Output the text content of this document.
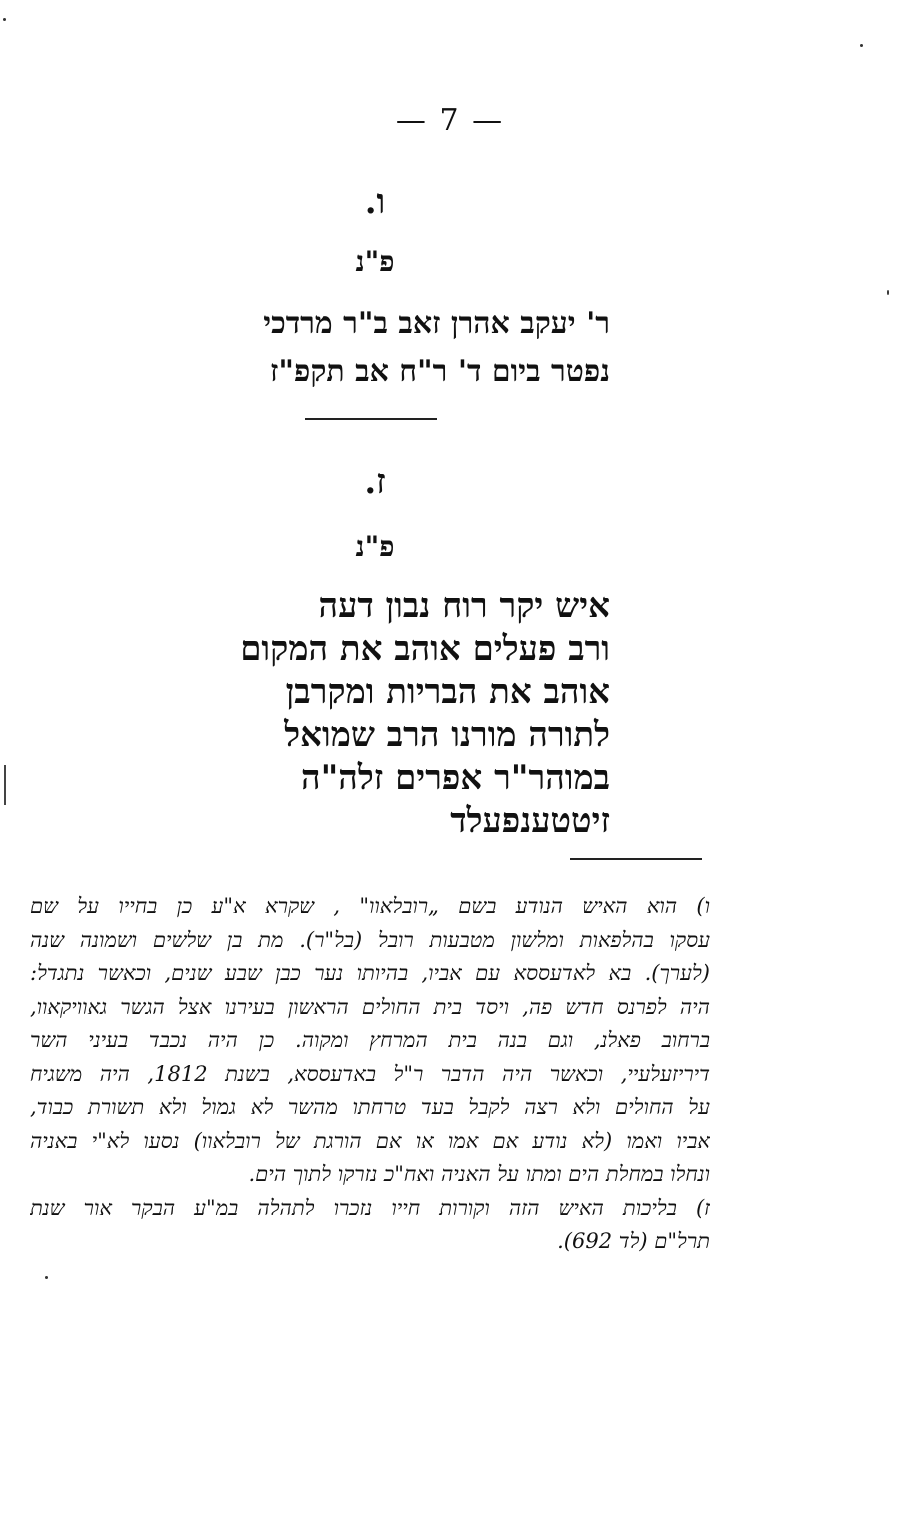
— 7 —
ו.
פ"נ
ר' יעקב אהרן זאב ב"ר מרדכי
נפטר ביום ד' ר"ח אב תקפ"ז
ז.
פ"נ
איש יקר רוח נבון דעה
ורב פעלים אוהב את המקום
אוהב את הבריות ומקרבן
לתורה מורנו הרב שמואל
במוהר"ר אפרים זלה"ה
זיטטענפעלד

ו) הוא האיש הנודע בשם „רובלאוו" , שקרא א"ע כן בחייו על שם
עסקו בהלפאות ומלשון מטבעות רובל (בל"ר). מת בן שלשים ושמונה שנה
(לערך). בא לאדעססא עם אביו, בהיותו נער כבן שבע שנים, וכאשר נתגדל:
היה לפרנס חדש פה, ויסד בית החולים הראשון בעירנו אצל הגשר גאוויקאוו,
ברחוב פאלנ, וגם בנה בית המרחץ ומקוה. כן היה נכבד בעיני השר
דיריזעלעיי, וכאשר היה הדבר ר"ל באדעססא, בשנת 1812, היה משגיח
על החולים ולא רצה לקבל בעד טרחתו מהשר לא גמול ולא תשורת כבוד,
אביו ואמו (לא נודע אם אמו או אם הורגת של רובלאוו) נסעו לא"י באניה
ונחלו במחלת הים ומתו על האניה ואח"כ נזרקו לתוך הים.

ז) בליכות האיש הזה וקורות חייו נזכרו לתהלה במ"ע הבקר אור שנת
תרל"ם (לד 692).
